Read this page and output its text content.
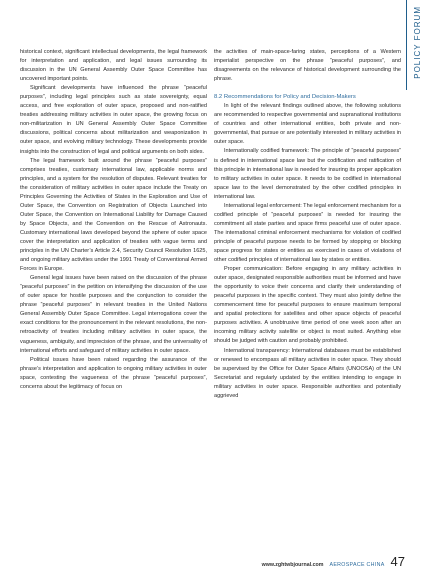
POLICY FORUM

historical context, significant intellectual developments, the legal framework for interpretation and application, and legal issues surrounding its discussion in the UN General Assembly Outer Space Committee has uncovered important points.

Significant developments have influenced the phrase “peaceful purposes”, including legal principles such as state sovereignty, equal access, and free exploration of outer space, proposed and non-ratified treaties addressing military activities in outer space, the growing focus on non-militarization in UN General Assembly Outer Space Committee discussions, political concerns about militarization and weaponization in outer space, and evolving military technology. These developments provide insights into the construction of legal and political arguments on both sides.

The legal framework built around the phrase “peaceful purposes” comprises treaties, customary international law, applicable norms and principles, and a system for the resolution of disputes. Relevant treaties for the consideration of military activities in outer space include the Treaty on Principles Governing the Activities of States in the Exploration and Use of Outer Space, the Convention on Registration of Objects Launched into Outer Space, the Convention on International Liability for Damage Caused by Space Objects, and the Convention on the Rescue of Astronauts. Customary international laws developed beyond the sphere of outer space cover the interpretation and application of treaties with vague terms and principles in the UN Charter’s Article 2.4, Security Council Resolution 1625, and ongoing military activities under the 1991 Treaty of Conventional Armed Forces in Europe.

General legal issues have been raised on the discussion of the phrase “peaceful purposes” in the petition on intensifying the discussion of the use of outer space for hostile purposes and the conjunction to consider the phrase “peaceful purposes” in relevant treaties in the United Nations General Assembly Outer Space Committee. Legal interrogations cover the exact conditions for the pronouncement in the relevant resolutions, the non-retroactivity of treaties including military activities in outer space, the vagueness, ambiguity, and imprecision of the phrase, and the universality of international efforts and safeguard of military activities in outer space.

Political issues have been raised regarding the assurance of the phrase’s interpretation and application to ongoing military activities in outer space, contesting the vagueness of the phrase “peaceful purposes”, concerns about the legitimacy of focus on

the activities of main-space-faring states, perceptions of a Western imperialist perspective on the phrase “peaceful purposes”, and disagreements on the relevance of historical development surrounding the phrase.

8.2 Recommendations for Policy and Decision-Makers

In light of the relevant findings outlined above, the following solutions are recommended to respective governmental and supranational institutions of countries and other international entities, both private and non-governmental, that pursue or are potentially interested in military activities in outer space.

Internationally codified framework: The principle of “peaceful purposes” is defined in international space law but the codification and ratification of this principle in international law is needed for insuring its proper application to military activities in outer space. It needs to be codified in international space law to the level demonstrated by the other codified principles in international law.

International legal enforcement: The legal enforcement mechanism for a codified principle of “peaceful purposes” is needed for insuring the commitment all state parties and space firms peaceful use of outer space. The international criminal enforcement mechanisms for violation of codified principle of peaceful purpose needs to be formed by stopping or blocking space progress for states or entities as exercised in cases of violations of other codified principles of international law by states or entities.

Proper communication: Before engaging in any military activities in outer space, designated responsible authorities must be informed and have the opportunity to voice their concerns and clarify their understanding of peaceful purposes in the specific context. They must also jointly define the commencement time for peaceful purposes to ensure maximum temporal and spatial protections for satellites and other space objects of peaceful purposes activities. A unobtrusive time period of one week soon after an incoming military activity satellite or object is most suited. Anything else should be judged with caution and probably prohibited.

International transparency: International databases must be established or renewed to encompass all military activities in outer space. They should be supervised by the Office for Outer Space Affairs (UNOOSA) of the UN Secretariat and regularly updated by the entities intending to engage in military activities in outer space. Responsible authorities and potentially aggrieved

www.zghtwbjournal.com AEROSPACE CHINA 47
